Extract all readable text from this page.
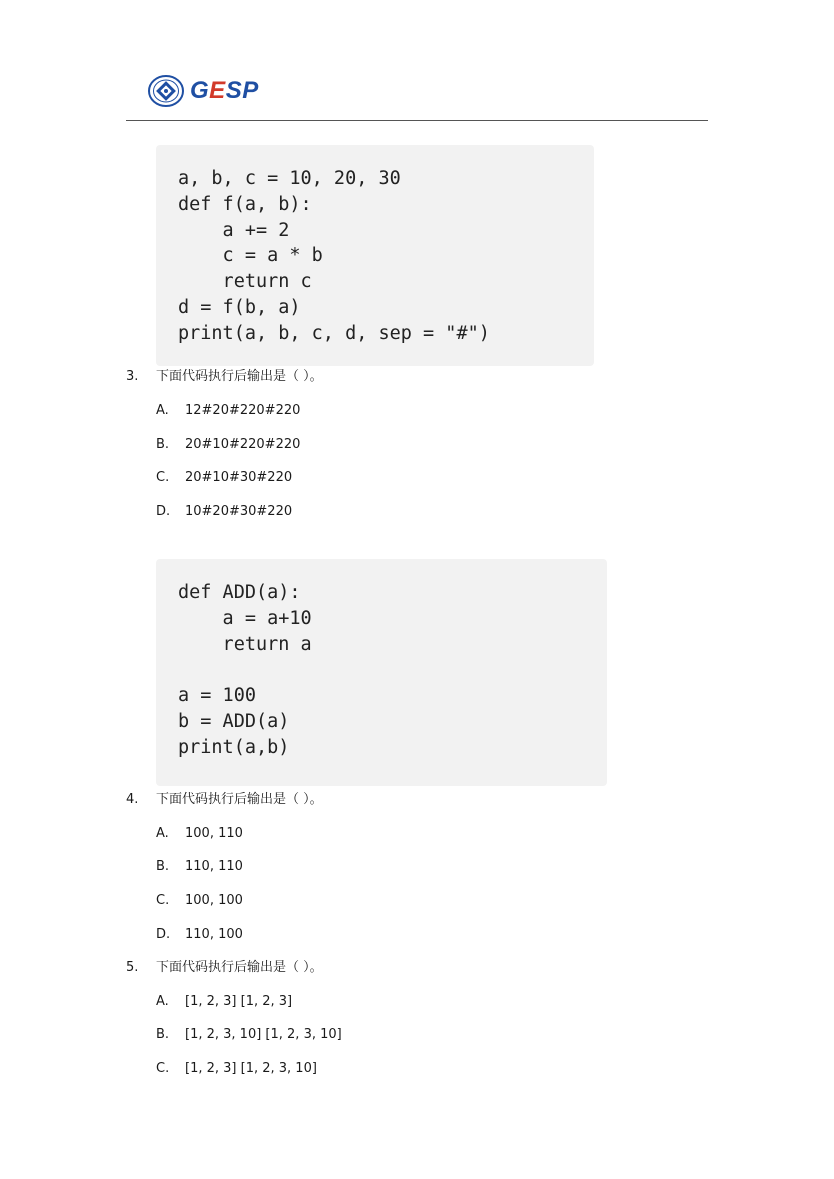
GESP
a, b, c = 10, 20, 30
def f(a, b):
a += 2
c = a * b
return c
d = f(b, a)
print(a, b, c, d, sep = "#")
3. 下面代码执行后输出是（ ）。
A. 12#20#220#220
B. 20#10#220#220
C. 20#10#30#220
D. 10#20#30#220
def ADD(a):
a = a+10
return a
a = 100
b = ADD(a)
print(a,b)
4. 下面代码执行后输出是（ ）。
A. 100, 110
B. 110, 110
C. 100, 100
D. 110, 100
5. 下面代码执行后输出是（ ）。
A. [1, 2, 3] [1, 2, 3]
B. [1, 2, 3, 10] [1, 2, 3, 10]
C. [1, 2, 3] [1, 2, 3, 10]
